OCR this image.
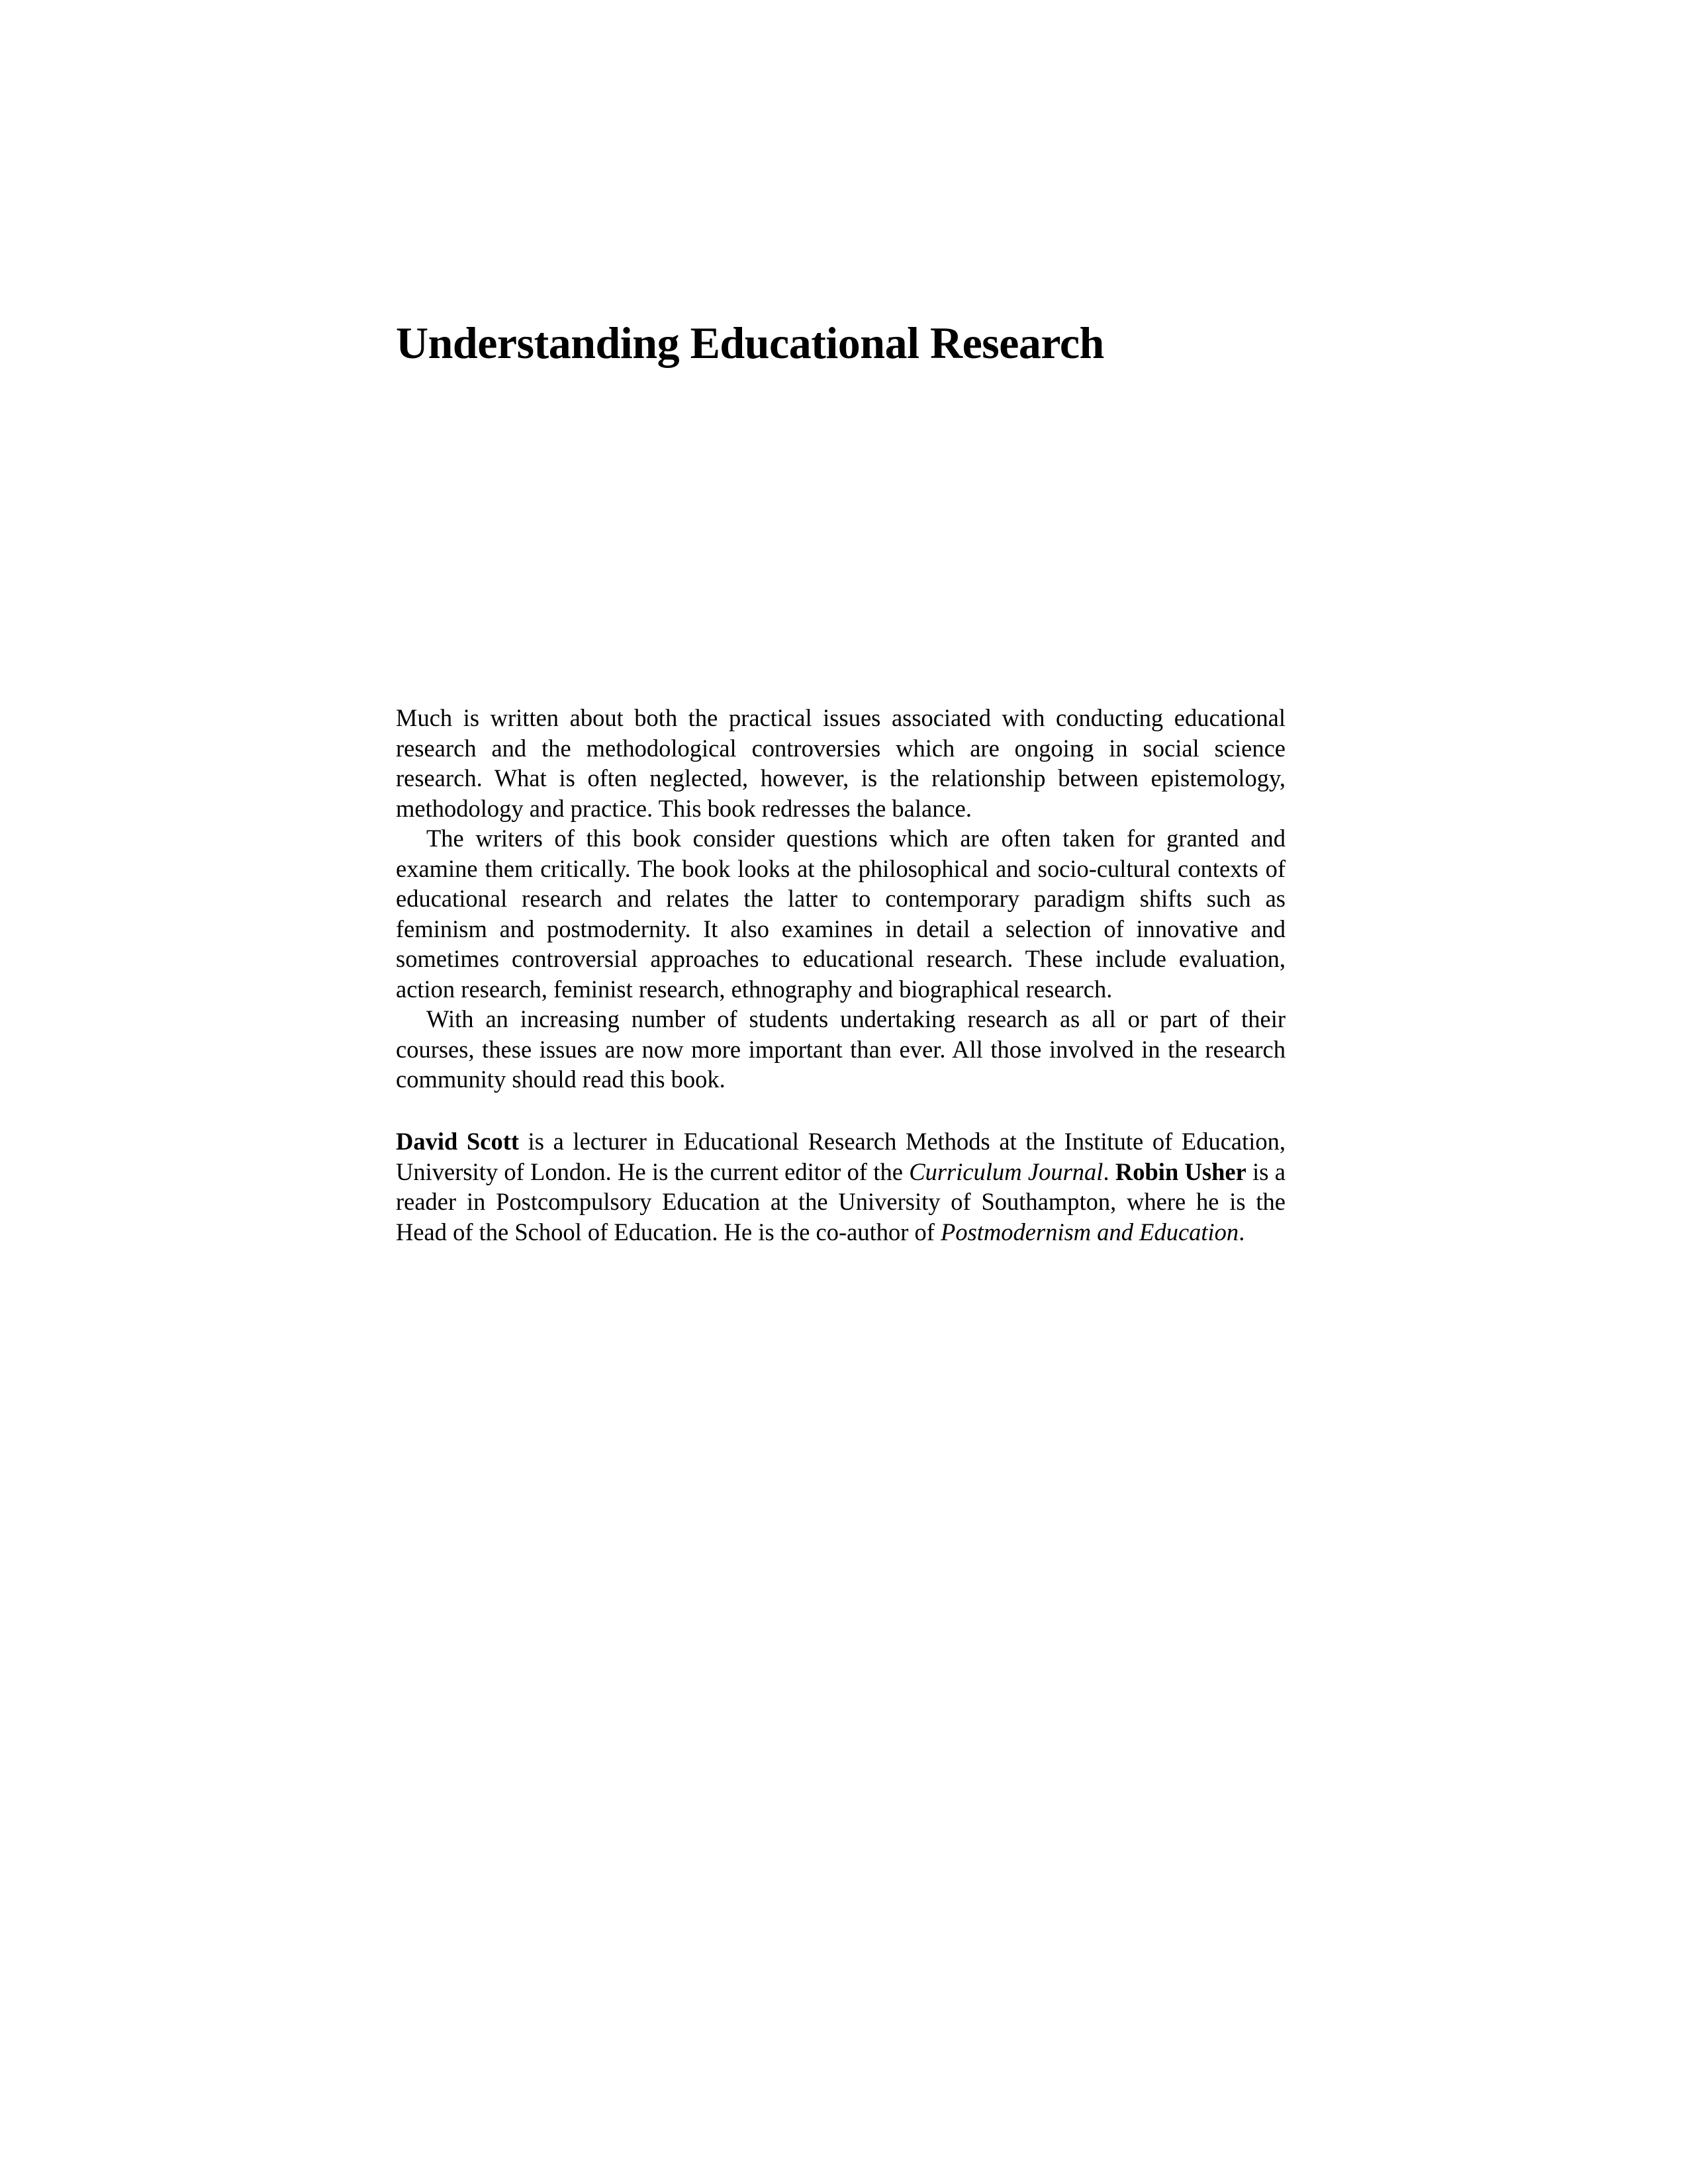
Understanding Educational Research

Much is written about both the practical issues associated with conducting educational research and the methodological controversies which are ongoing in social science research. What is often neglected, however, is the relationship between epistemology, methodology and practice. This book redresses the balance.

The writers of this book consider questions which are often taken for granted and examine them critically. The book looks at the philosophical and socio-cultural contexts of educational research and relates the latter to contemporary paradigm shifts such as feminism and postmodernity. It also examines in detail a selection of innovative and sometimes controversial approaches to educational research. These include evaluation, action research, feminist research, ethnography and biographical research.

With an increasing number of students undertaking research as all or part of their courses, these issues are now more important than ever. All those involved in the research community should read this book.

David Scott is a lecturer in Educational Research Methods at the Institute of Education, University of London. He is the current editor of the Curriculum Journal. Robin Usher is a reader in Postcompulsory Education at the University of Southampton, where he is the Head of the School of Education. He is the co-author of Postmodernism and Education.
